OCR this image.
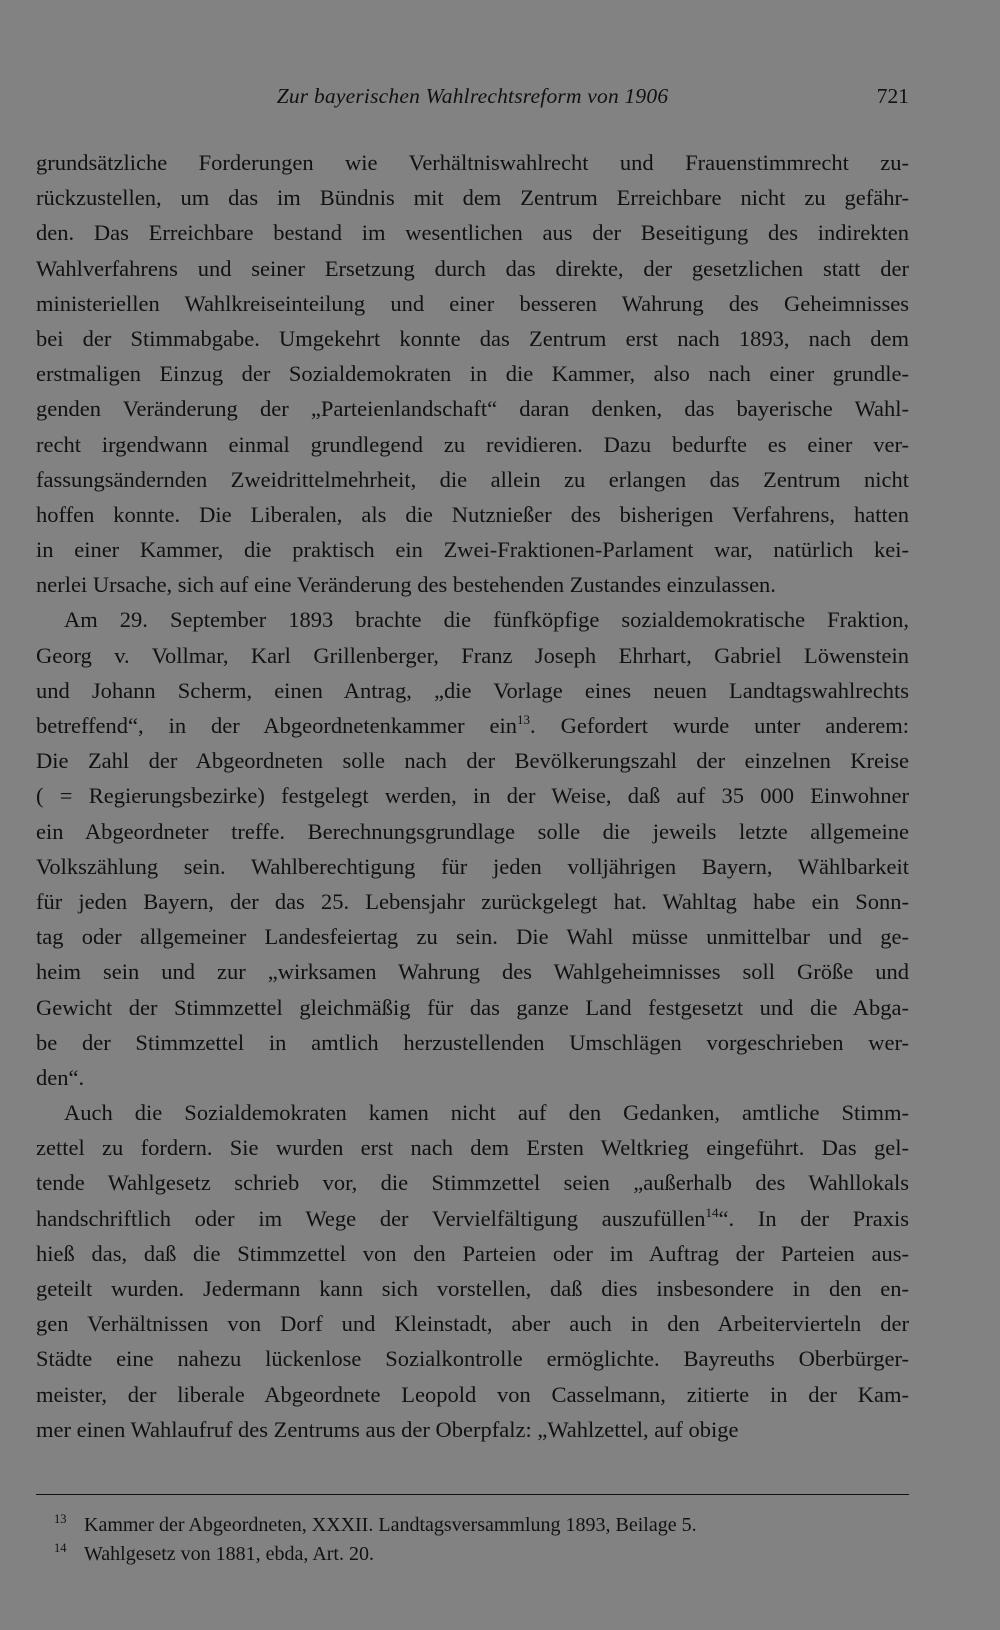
Zur bayerischen Wahlrechtsreform von 1906	721
grundsätzliche Forderungen wie Verhältniswahlrecht und Frauenstimmrecht zu-
rückzustellen, um das im Bündnis mit dem Zentrum Erreichbare nicht zu gefähr-
den. Das Erreichbare bestand im wesentlichen aus der Beseitigung des indirekten
Wahlverfahrens und seiner Ersetzung durch das direkte, der gesetzlichen statt der
ministeriellen Wahlkreiseinteilung und einer besseren Wahrung des Geheimnisses
bei der Stimmabgabe. Umgekehrt konnte das Zentrum erst nach 1893, nach dem
erstmaligen Einzug der Sozialdemokraten in die Kammer, also nach einer grundle-
genden Veränderung der „Parteienlandschaft“ daran denken, das bayerische Wahl-
recht irgendwann einmal grundlegend zu revidieren. Dazu bedurfte es einer ver-
fassungsändernden Zweidrittelmehrheit, die allein zu erlangen das Zentrum nicht
hoffen konnte. Die Liberalen, als die Nutznießer des bisherigen Verfahrens, hatten
in einer Kammer, die praktisch ein Zwei-Fraktionen-Parlament war, natürlich kei-
nerlei Ursache, sich auf eine Veränderung des bestehenden Zustandes einzulassen.
Am 29. September 1893 brachte die fünfköpfige sozialdemokratische Fraktion,
Georg v. Vollmar, Karl Grillenberger, Franz Joseph Ehrhart, Gabriel Löwenstein
und Johann Scherm, einen Antrag, „die Vorlage eines neuen Landtagswahlrechts
betreffend“, in der Abgeordnetenkammer ein$^{13}$. Gefordert wurde unter anderem:
Die Zahl der Abgeordneten solle nach der Bevölkerungszahl der einzelnen Kreise
( = Regierungsbezirke) festgelegt werden, in der Weise, daß auf 35 000 Einwohner
ein Abgeordneter treffe. Berechnungsgrundlage solle die jeweils letzte allgemeine
Volkszählung sein. Wahlberechtigung für jeden volljährigen Bayern, Wählbarkeit
für jeden Bayern, der das 25. Lebensjahr zurückgelegt hat. Wahltag habe ein Sonn-
tag oder allgemeiner Landesfeiertag zu sein. Die Wahl müsse unmittelbar und ge-
heim sein und zur „wirksamen Wahrung des Wahlgeheimnisses soll Größe und
Gewicht der Stimmzettel gleichmäßig für das ganze Land festgesetzt und die Abga-
be der Stimmzettel in amtlich herzustellenden Umschlägen vorgeschrieben wer-
den“.
Auch die Sozialdemokraten kamen nicht auf den Gedanken, amtliche Stimm-
zettel zu fordern. Sie wurden erst nach dem Ersten Weltkrieg eingeführt. Das gel-
tende Wahlgesetz schrieb vor, die Stimmzettel seien „außerhalb des Wahllokals
handschriftlich oder im Wege der Vervielfältigung auszufüllen$^{14}$“. In der Praxis
hieß das, daß die Stimmzettel von den Parteien oder im Auftrag der Parteien aus-
geteilt wurden. Jedermann kann sich vorstellen, daß dies insbesondere in den en-
gen Verhältnissen von Dorf und Kleinstadt, aber auch in den Arbeitervierteln der
Städte eine nahezu lückenlose Sozialkontrolle ermöglichte. Bayreuths Oberbürger-
meister, der liberale Abgeordnete Leopold von Casselmann, zitierte in der Kam-
mer einen Wahlaufruf des Zentrums aus der Oberpfalz: „Wahlzettel, auf obige
13 Kammer der Abgeordneten, XXXII. Landtagsversammlung 1893, Beilage 5.
14 Wahlgesetz von 1881, ebda, Art. 20.
